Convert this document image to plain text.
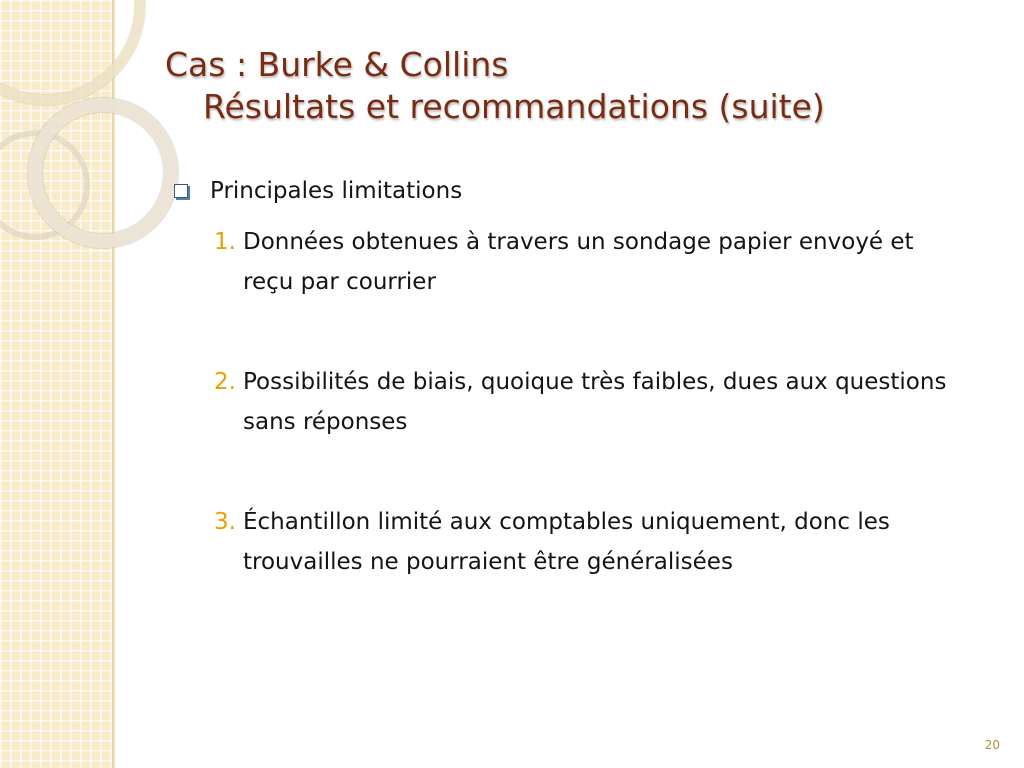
Cas : Burke & Collins
Résultats et recommandations (suite)
Principales limitations
1. Données obtenues à travers un sondage papier envoyé et reçu par courrier
2. Possibilités de biais, quoique très faibles, dues aux questions sans réponses
3. Échantillon limité aux comptables uniquement, donc les trouvailles ne pourraient être généralisées
20
